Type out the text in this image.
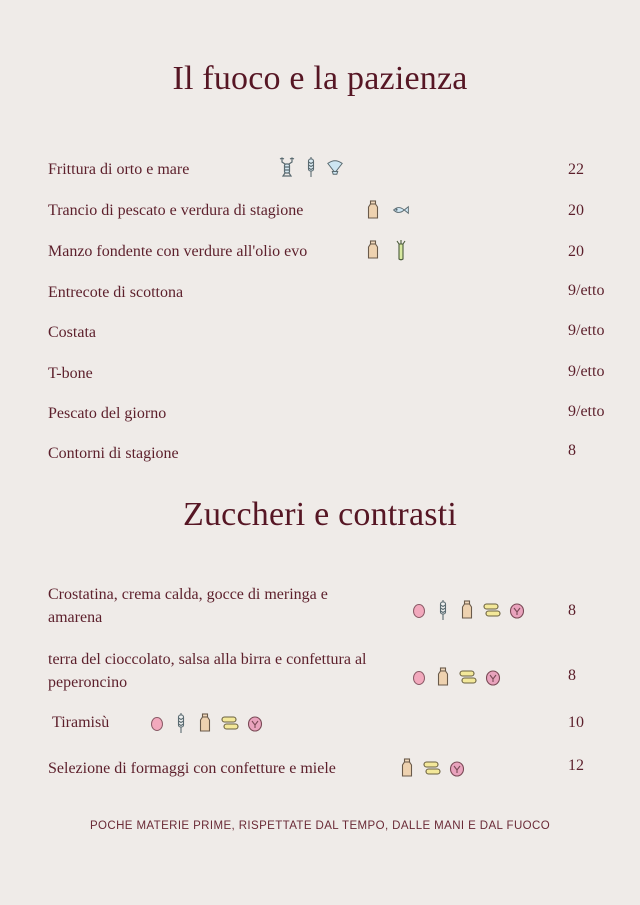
Il fuoco e la pazienza
Frittura di orto e mare	22
Trancio di pescato e verdura di stagione	20
Manzo fondente con verdure all'olio evo	20
Entrecote di scottona	9/etto
Costata	9/etto
T-bone	9/etto
Pescato del giorno	9/etto
Contorni di stagione	8
Zuccheri e contrasti
Crostatina, crema calda, gocce di meringa e amarena	8
terra del cioccolato, salsa alla birra e confettura al peperoncino	8
Tiramisù	10
Selezione di formaggi con confetture e miele	12
POCHE MATERIE PRIME, RISPETTATE DAL TEMPO, DALLE MANI E DAL FUOCO
